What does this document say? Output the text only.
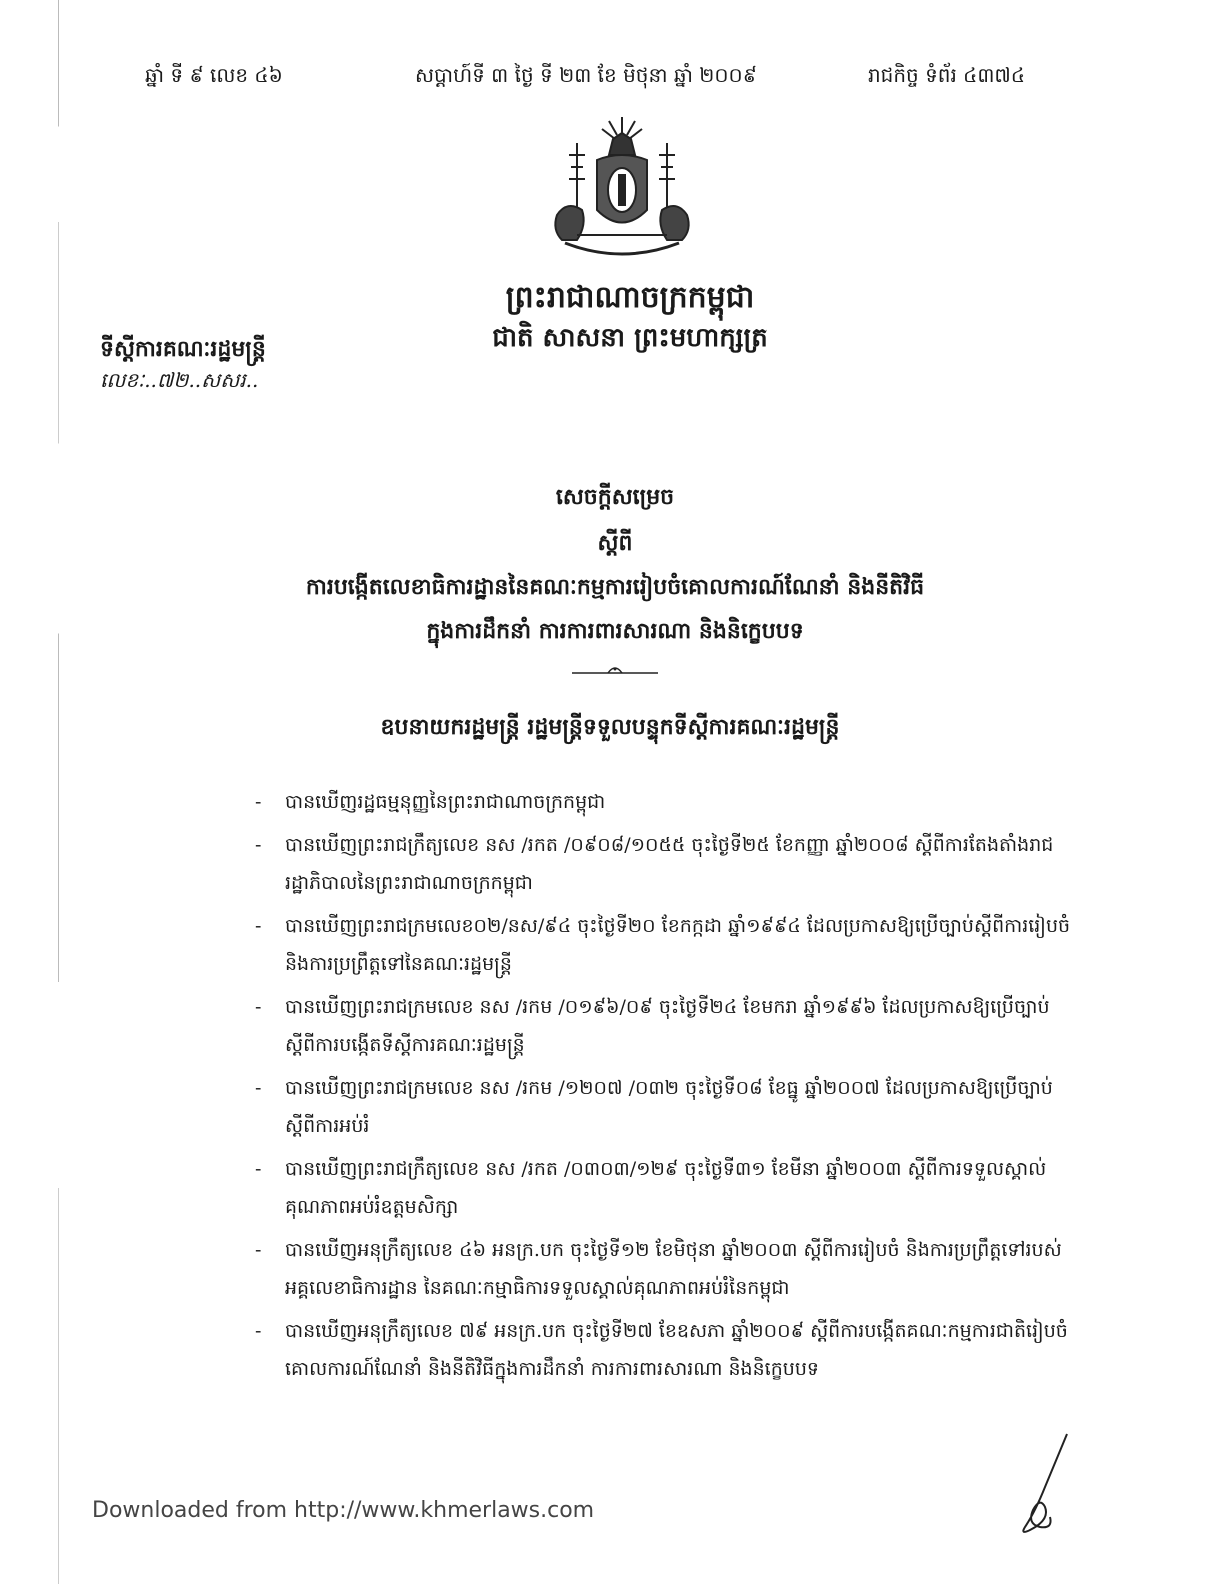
ឆ្នាំ ទី ៩ លេខ ៤៦	សប្តាហ៍ទី ៣ ថ្ងៃ ទី ២៣ ខែ មិថុនា ឆ្នាំ ២០០៩	រាជកិច្ច ទំព័រ ៤៣៧៤
ព្រះរាជាណាចក្រកម្ពុជា
ជាតិ សាសនា ព្រះមហាក្សត្រ
ទីស្តីការគណៈរដ្ឋមន្ត្រី
លេខៈ..៧២..សសរ..
សេចក្តីសម្រេច
ស្តីពី
ការបង្កើតលេខាធិការដ្ឋាននៃគណៈកម្មការរៀបចំគោលការណ៍ណែនាំ និងនីតិវិធី
ក្នុងការដឹកនាំ ការការពារសារណា និងនិក្ខេបបទ
ឧបនាយករដ្ឋមន្ត្រី រដ្ឋមន្ត្រីទទួលបន្ទុកទីស្តីការគណៈរដ្ឋមន្ត្រី
- បានឃើញរដ្ឋធម្មនុញ្ញនៃព្រះរាជាណាចក្រកម្ពុជា
- បានឃើញព្រះរាជក្រឹត្យលេខ នស /រកត /០៩០៨/១០៥៥ ចុះថ្ងៃទី២៥ ខែកញ្ញា ឆ្នាំ២០០៨ ស្តីពីការតែងតាំងរាជរដ្ឋាភិបាលនៃព្រះរាជាណាចក្រកម្ពុជា
- បានឃើញព្រះរាជក្រមលេខ០២/នស/៩៤ ចុះថ្ងៃទី២០ ខែកក្កដា ឆ្នាំ១៩៩៤ ដែលប្រកាសឱ្យប្រើច្បាប់ស្តីពីការរៀបចំ និងការប្រព្រឹត្តទៅនៃគណៈរដ្ឋមន្ត្រី
- បានឃើញព្រះរាជក្រមលេខ នស /រកម /០១៩៦/០៩ ចុះថ្ងៃទី២៤ ខែមករា ឆ្នាំ១៩៩៦ ដែលប្រកាសឱ្យប្រើច្បាប់ ស្តីពីការបង្កើតទីស្តីការគណៈរដ្ឋមន្ត្រី
- បានឃើញព្រះរាជក្រមលេខ នស /រកម /១២០៧ /០៣២ ចុះថ្ងៃទី០៨ ខែធ្នូ ឆ្នាំ២០០៧ ដែលប្រកាសឱ្យប្រើច្បាប់ ស្តីពីការអប់រំ
- បានឃើញព្រះរាជក្រឹត្យលេខ នស /រកត /០៣០៣/១២៩ ចុះថ្ងៃទី៣១ ខែមីនា ឆ្នាំ២០០៣ ស្តីពីការទទួលស្គាល់គុណភាពអប់រំឧត្តមសិក្សា
- បានឃើញអនុក្រឹត្យលេខ ៤៦ អនក្រ.បក ចុះថ្ងៃទី១២ ខែមិថុនា ឆ្នាំ២០០៣ ស្តីពីការរៀបចំ និងការប្រព្រឹត្តទៅរបស់អគ្គលេខាធិការដ្ឋាន នៃគណៈកម្មាធិការទទួលស្គាល់គុណភាពអប់រំនៃកម្ពុជា
- បានឃើញអនុក្រឹត្យលេខ ៧៩ អនក្រ.បក ចុះថ្ងៃទី២៧ ខែឧសភា ឆ្នាំ២០០៩ ស្តីពីការបង្កើតគណៈកម្មការជាតិរៀបចំគោលការណ៍ណែនាំ និងនីតិវិធីក្នុងការដឹកនាំ ការការពារសារណា និងនិក្ខេបបទ
Downloaded from http://www.khmerlaws.com
